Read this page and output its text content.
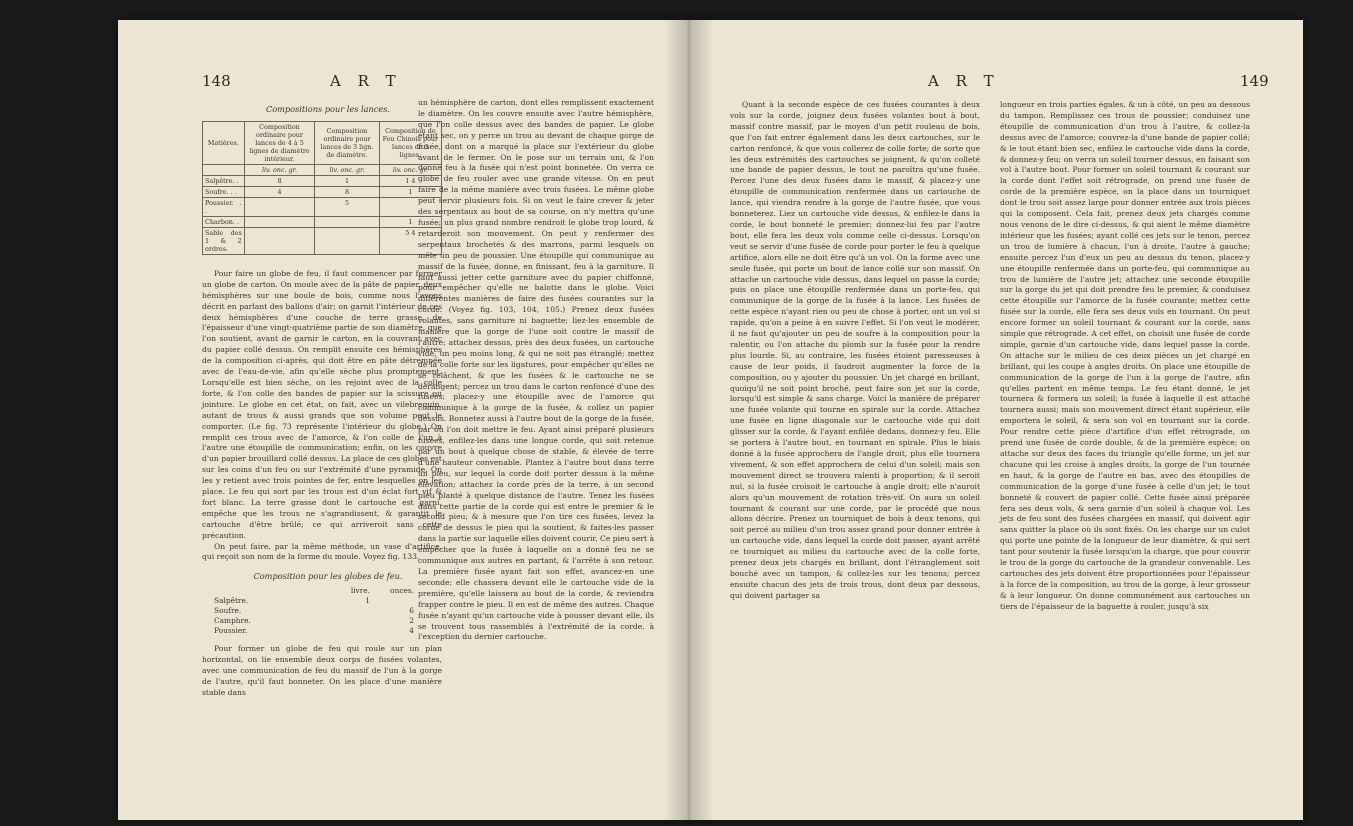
148	A R T

Compositions pour les lances.

Matières.	Composition ordinaire pour lances de 4 à 5 lignes de diamètre intérieur.	Composition ordinaire pour lances de 3 lign. de diamètre.	Composition de Feu Chinois pour lances de 5 lignes.
	liv. onc. gr.	liv. onc. gr.	liv. onc. gr.
Salpêtre. .	8	1	1 4
Soufre. . .	4	8	1
Poussier. . .		5	
Charbon. .			1
Sable des 1 & 2 ordres.			5 4

Pour faire un globe de feu, il faut commencer par former un globe de carton. On moule avec de la pâte de papier, deux hémisphères sur une boule de bois, comme nous l'avons décrit en parlant des ballons d'air; on garnit l'intérieur de ces deux hémisphères d'une couche de terre grasse, de l'épaisseur d'une vingt-quatrième partie de son diamètre, que l'on soutient, avant de garnir le carton, en la couvrant avec du papier collé dessus. On remplit ensuite ces hémisphères de la composition ci-après, qui doit être en pâte détrempée avec de l'eau-de-vie, afin qu'elle sèche plus promptement. Lorsqu'elle est bien sèche, on les rejoint avec de la colle forte, & l'on colle des bandes de papier sur la scissure ou jointure. Le globe en cet état, on fait, avec un vilebrequin, autant de trous & aussi grands que son volume peut le comporter. (Le fig. 73 représente l'intérieur du globe.) On remplit ces trous avec de l'amorce, & l'on colle de l'un à l'autre une étoupille de communication; enfin, on les couvre d'un papier brouillard collé dessus. La place de ces globes est sur les coins d'un feu ou sur l'extrémité d'une pyramide. On les y retient avec trois pointes de fer, entre lesquelles on les place. Le feu qui sort par les trous est d'un éclat fort vif & fort blanc. La terre grasse dont le cartouche est garni, empêche que les trous ne s'agrandissent, & garantit le cartouche d'être brûlé; ce qui arriveroit sans cette précaution.

On peut faire, par la même méthode, un vase d'artifice, qui reçoit son nom de la forme du moule. Voyez fig. 133.

Composition pour les globes de feu.

	livre.	onces.
Salpêtre.	1	
Soufre.		6
Camphre.		2
Poussier.		4

Pour former un globe de feu qui roule sur un plan horizontal, on lie ensemble deux corps de fusées volantes, avec une communication de feu du massif de l'un à la gorge de l'autre, qu'il faut bonneter. On les place d'une manière stable dans

un hémisphère de carton, dont elles remplissent exactement le diamètre. On les couvre ensuite avec l'autre hémisphère, que l'on colle dessus avec des bandes de papier. Le globe étant sec, on y perce un trou au devant de chaque gorge de fusée, dont on a marqué la place sur l'extérieur du globe avant de le fermer. On le pose sur un terrain uni, & l'on donne feu à la fusée qui n'est point bonnetée. On verra ce globe de feu rouler avec une grande vitesse. On en peut faire de la même manière avec trois fusées. Le même globe peut servir plusieurs fois. Si on veut le faire crever & jeter des serpentaux au bout de sa course, on n'y mettra qu'une fusée; un plus grand nombre rendroit le globe trop lourd, & retarderoit son mouvement. On peut y renfermer des serpentaux brochetés & des marrons, parmi lesquels on mêle un peu de poussier. Une étoupille qui communique au massif de la fusée, donne, en finissant, feu à la garniture. Il faut aussi jetter cette garniture avec du papier chiffonné, pour empêcher qu'elle ne balotte dans le globe. Voici différentes manières de faire des fusées courantes sur la corde. (Voyez fig. 103, 104, 105.) Prenez deux fusées volantes, sans garniture ni baguette; liez-les ensemble de manière que la gorge de l'une soit contre le massif de l'autre; attachez dessus, près des deux fusées, un cartouche vide, un peu moins long, & qui ne soit pas étranglé; mettez de la colle forte sur les ligatures, pour empêcher qu'elles ne se relâchent, & que les fusées & le cartouche ne se dérangent; percez un trou dans le carton renfoncé d'une des fusées; placez-y une étoupille avec de l'amorce qui communique à la gorge de la fusée, & collez un papier dessus. Bonnetez aussi à l'autre bout de la gorge de la fusée, par où l'on doit mettre le feu. Ayant ainsi préparé plusieurs fusées, enfilez-les dans une longue corde, qui soit retenue par un bout à quelque chose de stable, & élevée de terre d'une hauteur convenable. Plantez à l'autre bout dans terre un pieu, sur lequel la corde doit porter dessus à la même élévation; attachez la corde près de la terre, à un second pieu planté à quelque distance de l'autre. Tenez les fusées dans cette partie de la corde qui est entre le premier & le second pieu; & à mesure que l'on tire ces fusées, levez la corde de dessus le pieu qui la soutient, & faites-les passer dans la partie sur laquelle elles doivent courir. Ce pieu sert à empêcher que la fusée à laquelle on a donné feu ne se communique aux autres en partant, & l'arrête à son retour. La première fusée ayant fait son effet, avancez-en une seconde; elle chassera devant elle le cartouche vide de la première, qu'elle laissera au bout de la corde, & reviendra frapper contre le pieu. Il en est de même des autres. Chaque fusée n'ayant qu'un cartouche vide à pousser devant elle, ils se trouvent tous rassemblés à l'extrémité de la corde, à l'exception du dernier cartouche.

A R T	149

Quant à la seconde espèce de ces fusées courantes à deux vols sur la corde, joignez deux fusées volantes bout à bout, massif contre massif, par le moyen d'un petit rouleau de bois, que l'on fait entrer également dans les deux cartouches, sur le carton renfoncé, & que vous collerez de colle forte; de sorte que les deux extrémités des cartouches se joignent, & qu'on colleté une bande de papier dessus, le tout ne paroîtra qu'une fusée. Percez l'une des deux fusées dans le massif, & placez-y une étoupille de communication renfermée dans un cartouche de lance, qui viendra rendre à la gorge de l'autre fusée, que vous bonneterez. Liez un cartouche vide dessus, & enfilez-le dans la corde, le bout bonneté le premier; donnez-lui feu par l'autre bout, elle fera les deux vols comme celle ci-dessus. Lorsqu'on veut se servir d'une fusée de corde pour porter le feu à quelque artifice, alors elle ne doit être qu'à un vol. On la forme avec une seule fusée, qui porte un bout de lance collé sur son massif. On attache un cartouche vide dessus, dans lequel on passe la corde; puis on place une étoupille renfermée dans un porte-feu, qui communique de la gorge de la fusée à la lance. Les fusées de cette espèce n'ayant rien ou peu de chose à porter, ont un vol si rapide, qu'on a peine à en suivre l'effet. Si l'on veut le modérer, il ne faut qu'ajouter un peu de soufre à la composition pour la ralentir, ou l'on attache du plomb sur la fusée pour la rendre plus lourde. Si, au contraire, les fusées étoient paresseuses à cause de leur poids, il faudroit augmenter la force de la composition, ou y ajouter du poussier. Un jet chargé en brillant, quoiqu'il ne soit point broché, peut faire son jet sur la corde, lorsqu'il est simple & sans charge. Voici la manière de préparer une fusée volante qui tourne en spirale sur la corde. Attachez une fusée en ligne diagonale sur le cartouche vide qui doit glisser sur la corde, & l'ayant enfilée dedans, donnez-y feu. Elle se portera à l'autre bout, en tournant en spirale. Plus le biais donné à la fusée approchera de l'angle droit, plus elle tournera vivement, & son effet approchera de celui d'un soleil; mais son mouvement direct se trouvera ralenti à proportion; & il seroit nul, si la fusée croisoit le cartouche à angle droit; elle n'auroit alors qu'un mouvement de rotation très-vif. On aura un soleil tournant & courant sur une corde, par le procédé que nous allons décrire. Prenez un tourniquet de bois à deux tenons, qui soit percé au milieu d'un trou assez grand pour donner entrée à un cartouche vide, dans lequel la corde doit passer, ayant arrêté ce tourniquet au milieu du cartouche avec de la colle forte, prenez deux jets chargés en brillant, dont l'étranglement soit bouché avec un tampon, & collez-les sur les tenons; percez ensuite chacun des jets de trois trous, dont deux par dessous, qui doivent partager sa

longueur en trois parties égales, & un à côté, un peu au dessous du tampon. Remplissez ces trous de poussier; conduisez une étoupille de communication d'un trou à l'autre, & collez-la dessus avec de l'amorce; couvrez-la d'une bande de papier collé; & le tout étant bien sec, enfilez le cartouche vide dans la corde, & donnez-y feu; on verra un soleil tourner dessus, en faisant son vol à l'autre bout. Pour former un soleil tournant & courant sur la corde dont l'effet soit rétrograde, on prend une fusée de corde de la première espèce, on la place dans un tourniquet dont le trou soit assez large pour donner entrée aux trois pièces qui la composent. Cela fait, prenez deux jets chargés comme nous venons de le dire ci-dessus, & qui aient le même diamètre intérieur que les fusées; ayant collé ces jets sur le tenon, percez un trou de lumière à chacun, l'un à droite, l'autre à gauche; ensuite percez l'un d'eux un peu au dessus du tenon, placez-y une étoupille renfermée dans un porte-feu, qui communique au trou de lumière de l'autre jet; attachez une seconde étoupille sur la gorge du jet qui doit prendre feu le premier, & conduisez cette étoupille sur l'amorce de la fusée courante; mettez cette fusée sur la corde, elle fera ses deux vols en tournant. On peut encore former un soleil tournant & courant sur la corde, sans simple que rétrograde. A cet effet, on choisit une fusée de corde simple, garnie d'un cartouche vide, dans lequel passe la corde. On attache sur le milieu de ces deux pièces un jet chargé en brillant, qui les coupe à angles droits. On place une étoupille de communication de la gorge de l'un à la gorge de l'autre, afin qu'elles partent en même temps. Le feu étant donné, le jet tournera & formera un soleil; la fusée à laquelle il est attaché tournera aussi; mais son mouvement direct étant supérieur, elle emportera le soleil, & sera son vol en tournant sur la corde. Pour rendre cette pièce d'artifice d'un effet rétrograde, on prend une fusée de corde double, & de la première espèce; on attache sur deux des faces du triangle qu'elle forme, un jet sur chacune qui les croise à angles droits, la gorge de l'un tournée en haut, & la gorge de l'autre en bas, avec des étoupilles de communication de la gorge d'une fusée à celle d'un jet; le tout bonneté & couvert de papier collé. Cette fusée ainsi préparée fera ses deux vols, & sera garnie d'un soleil à chaque vol. Les jets de feu sont des fusées chargées en massif, qui doivent agir sans quitter la place où ils sont fixés. On les charge sur un culot qui porte une pointe de la longueur de leur diamètre, & qui sert tant pour soutenir la fusée lorsqu'on la charge, que pour couvrir le trou de la gorge du cartouche de la grandeur convenable. Les cartouches des jets doivent être proportionnées pour l'épaisseur à la force de la composition, au trou de la gorge, à leur grosseur & à leur longueur. On donne communément aux cartouches un tiers de l'épaisseur de la baguette à rouler, jusqu'à six
